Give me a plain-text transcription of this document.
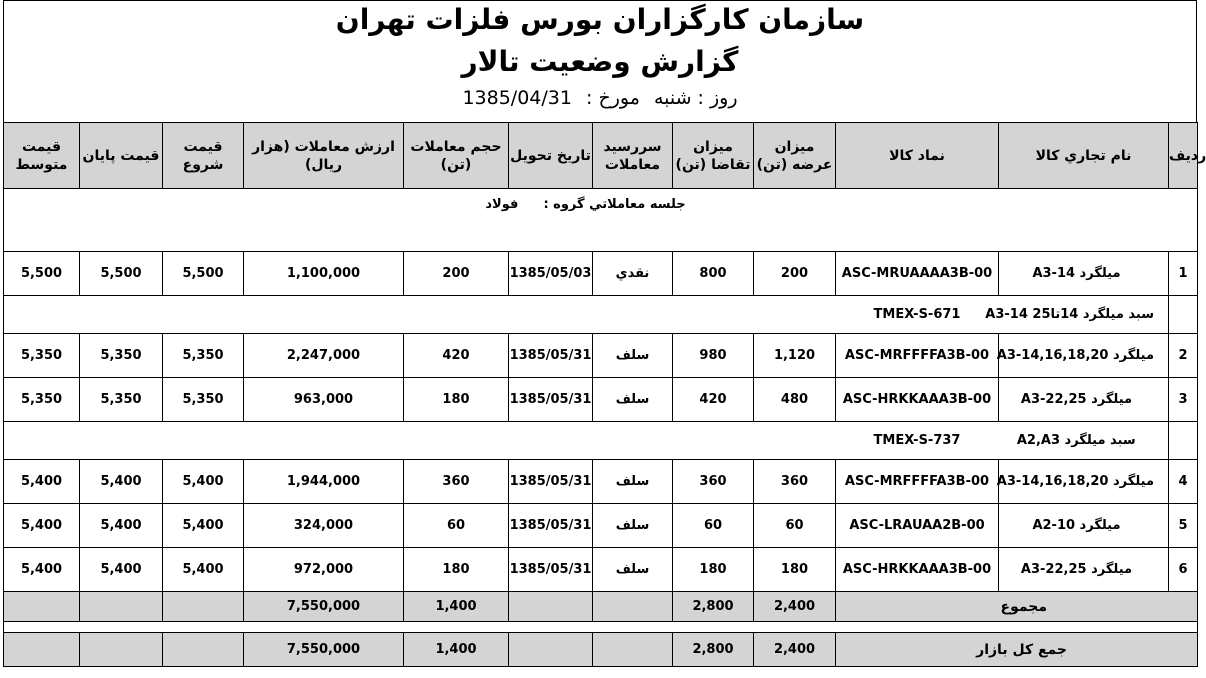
سازمان کارگزاران بورس فلزات تهران
گزارش وضعيت تالار
روز : شنبه مورخ : 1385/04/31
قيمت متوسط	قيمت پايان	قيمت شروع	ارزش معاملات (هزار ريال)	حجم معاملات (تن)	تاريخ تحويل	سررسيد معاملات	ميزان تقاضا (تن)	ميزان عرضه (تن)	نماد کالا	نام تجاري کالا	رديف
جلسه معاملاتي گروه :  فولاد											
5,500	5,500	5,500	1,100,000	200	1385/05/03	نقدي	800	200	ASC-MRUAAAA3B-00	ميلگرد A3-14	1
									TMEX-S-671	سبد ميلگرد 14تا25 A3-14	
5,350	5,350	5,350	2,247,000	420	1385/05/31	سلف	980	1,120	ASC-MRFFFFA3B-00	ميلگرد A3-14,16,18,20	2
5,350	5,350	5,350	963,000	180	1385/05/31	سلف	420	480	ASC-HRKKAAA3B-00	ميلگرد A3-22,25	3
									TMEX-S-737	سبد ميلگرد A2,A3	
5,400	5,400	5,400	1,944,000	360	1385/05/31	سلف	360	360	ASC-MRFFFFA3B-00	ميلگرد A3-14,16,18,20	4
5,400	5,400	5,400	324,000	60	1385/05/31	سلف	60	60	ASC-LRAUAA2B-00	ميلگرد A2-10	5
5,400	5,400	5,400	972,000	180	1385/05/31	سلف	180	180	ASC-HRKKAAA3B-00	ميلگرد A3-22,25	6
			7,550,000	1,400			2,800	2,400	مجموع		

			7,550,000	1,400			2,800	2,400	جمع کل بازار		
